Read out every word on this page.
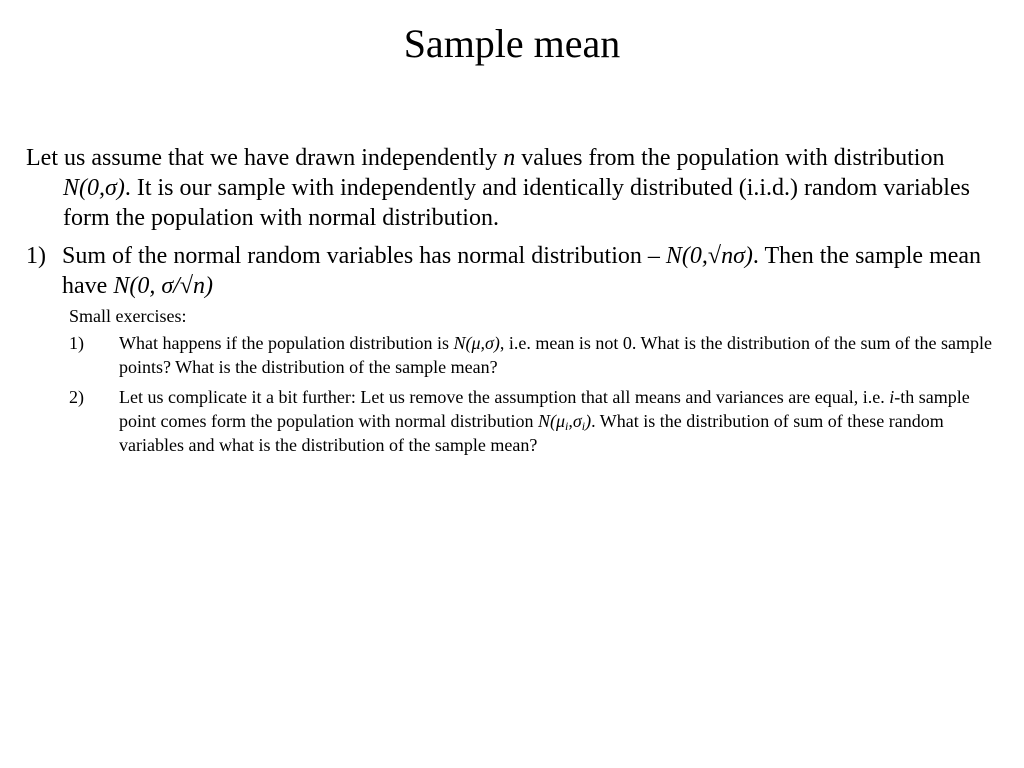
Sample mean

Let us assume that we have drawn independently n values from the population with distribution N(0,σ). It is our sample with independently and identically distributed (i.i.d.) random variables form the population with normal distribution.

1) Sum of the normal random variables has normal distribution – N(0,√nσ). Then the sample mean have N(0, σ/√n)
Small exercises:
1) What happens if the population distribution is N(μ,σ), i.e. mean is not 0. What is the distribution of the sum of the sample points? What is the distribution of the sample mean?
2) Let us complicate it a bit further: Let us remove the assumption that all means and variances are equal, i.e. i-th sample point comes form the population with normal distribution $N(\mu_i,\sigma_i)$. What is the distribution of sum of these random variables and what is the distribution of the sample mean?
